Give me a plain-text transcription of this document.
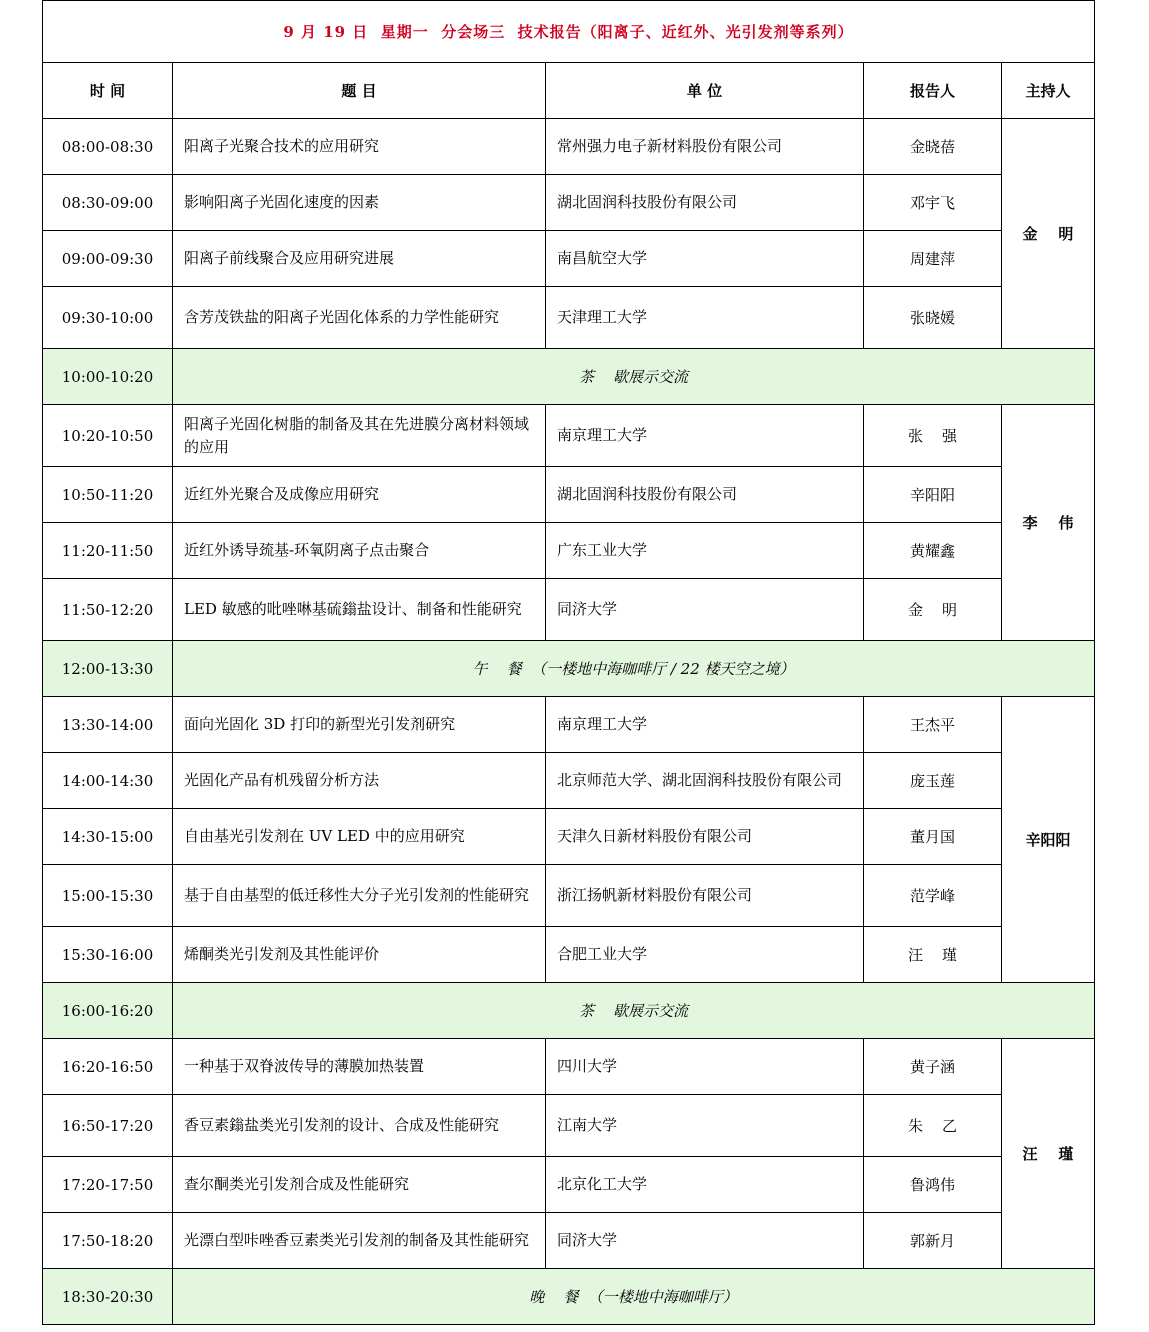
9 月 19 日  星期一  分会场三  技术报告（阳离子、近红外、光引发剂等系列）				
时 间	题 目	单 位	报告人	主持人
08:00-08:30	阳离子光聚合技术的应用研究	常州强力电子新材料股份有限公司	金晓蓓	金    明
08:30-09:00	影响阳离子光固化速度的因素	湖北固润科技股份有限公司	邓宇飞	
09:00-09:30	阳离子前线聚合及应用研究进展	南昌航空大学	周建萍	
09:30-10:00	含芳茂铁盐的阳离子光固化体系的力学性能研究	天津理工大学	张晓媛	
10:00-10:20	茶    歇展示交流			
10:20-10:50	阳离子光固化树脂的制备及其在先进膜分离材料领域的应用	南京理工大学	张    强	李    伟
10:50-11:20	近红外光聚合及成像应用研究	湖北固润科技股份有限公司	辛阳阳	
11:20-11:50	近红外诱导巯基-环氧阴离子点击聚合	广东工业大学	黄耀鑫	
11:50-12:20	LED 敏感的吡唑啉基硫鎓盐设计、制备和性能研究	同济大学	金    明	
12:00-13:30	午    餐  （一楼地中海咖啡厅 / 22 楼天空之境）			
13:30-14:00	面向光固化 3D 打印的新型光引发剂研究	南京理工大学	王杰平	辛阳阳
14:00-14:30	光固化产品有机残留分析方法	北京师范大学、湖北固润科技股份有限公司	庞玉莲	
14:30-15:00	自由基光引发剂在 UV LED 中的应用研究	天津久日新材料股份有限公司	董月国	
15:00-15:30	基于自由基型的低迁移性大分子光引发剂的性能研究	浙江扬帆新材料股份有限公司	范学峰	
15:30-16:00	烯酮类光引发剂及其性能评价	合肥工业大学	汪    瑾	
16:00-16:20	茶    歇展示交流			
16:20-16:50	一种基于双脊波传导的薄膜加热装置	四川大学	黄子涵	汪    瑾
16:50-17:20	香豆素鎓盐类光引发剂的设计、合成及性能研究	江南大学	朱    乙	
17:20-17:50	查尔酮类光引发剂合成及性能研究	北京化工大学	鲁鸿伟	
17:50-18:20	光漂白型咔唑香豆素类光引发剂的制备及其性能研究	同济大学	郭新月	
18:30-20:30	晚    餐  （一楼地中海咖啡厅）			
